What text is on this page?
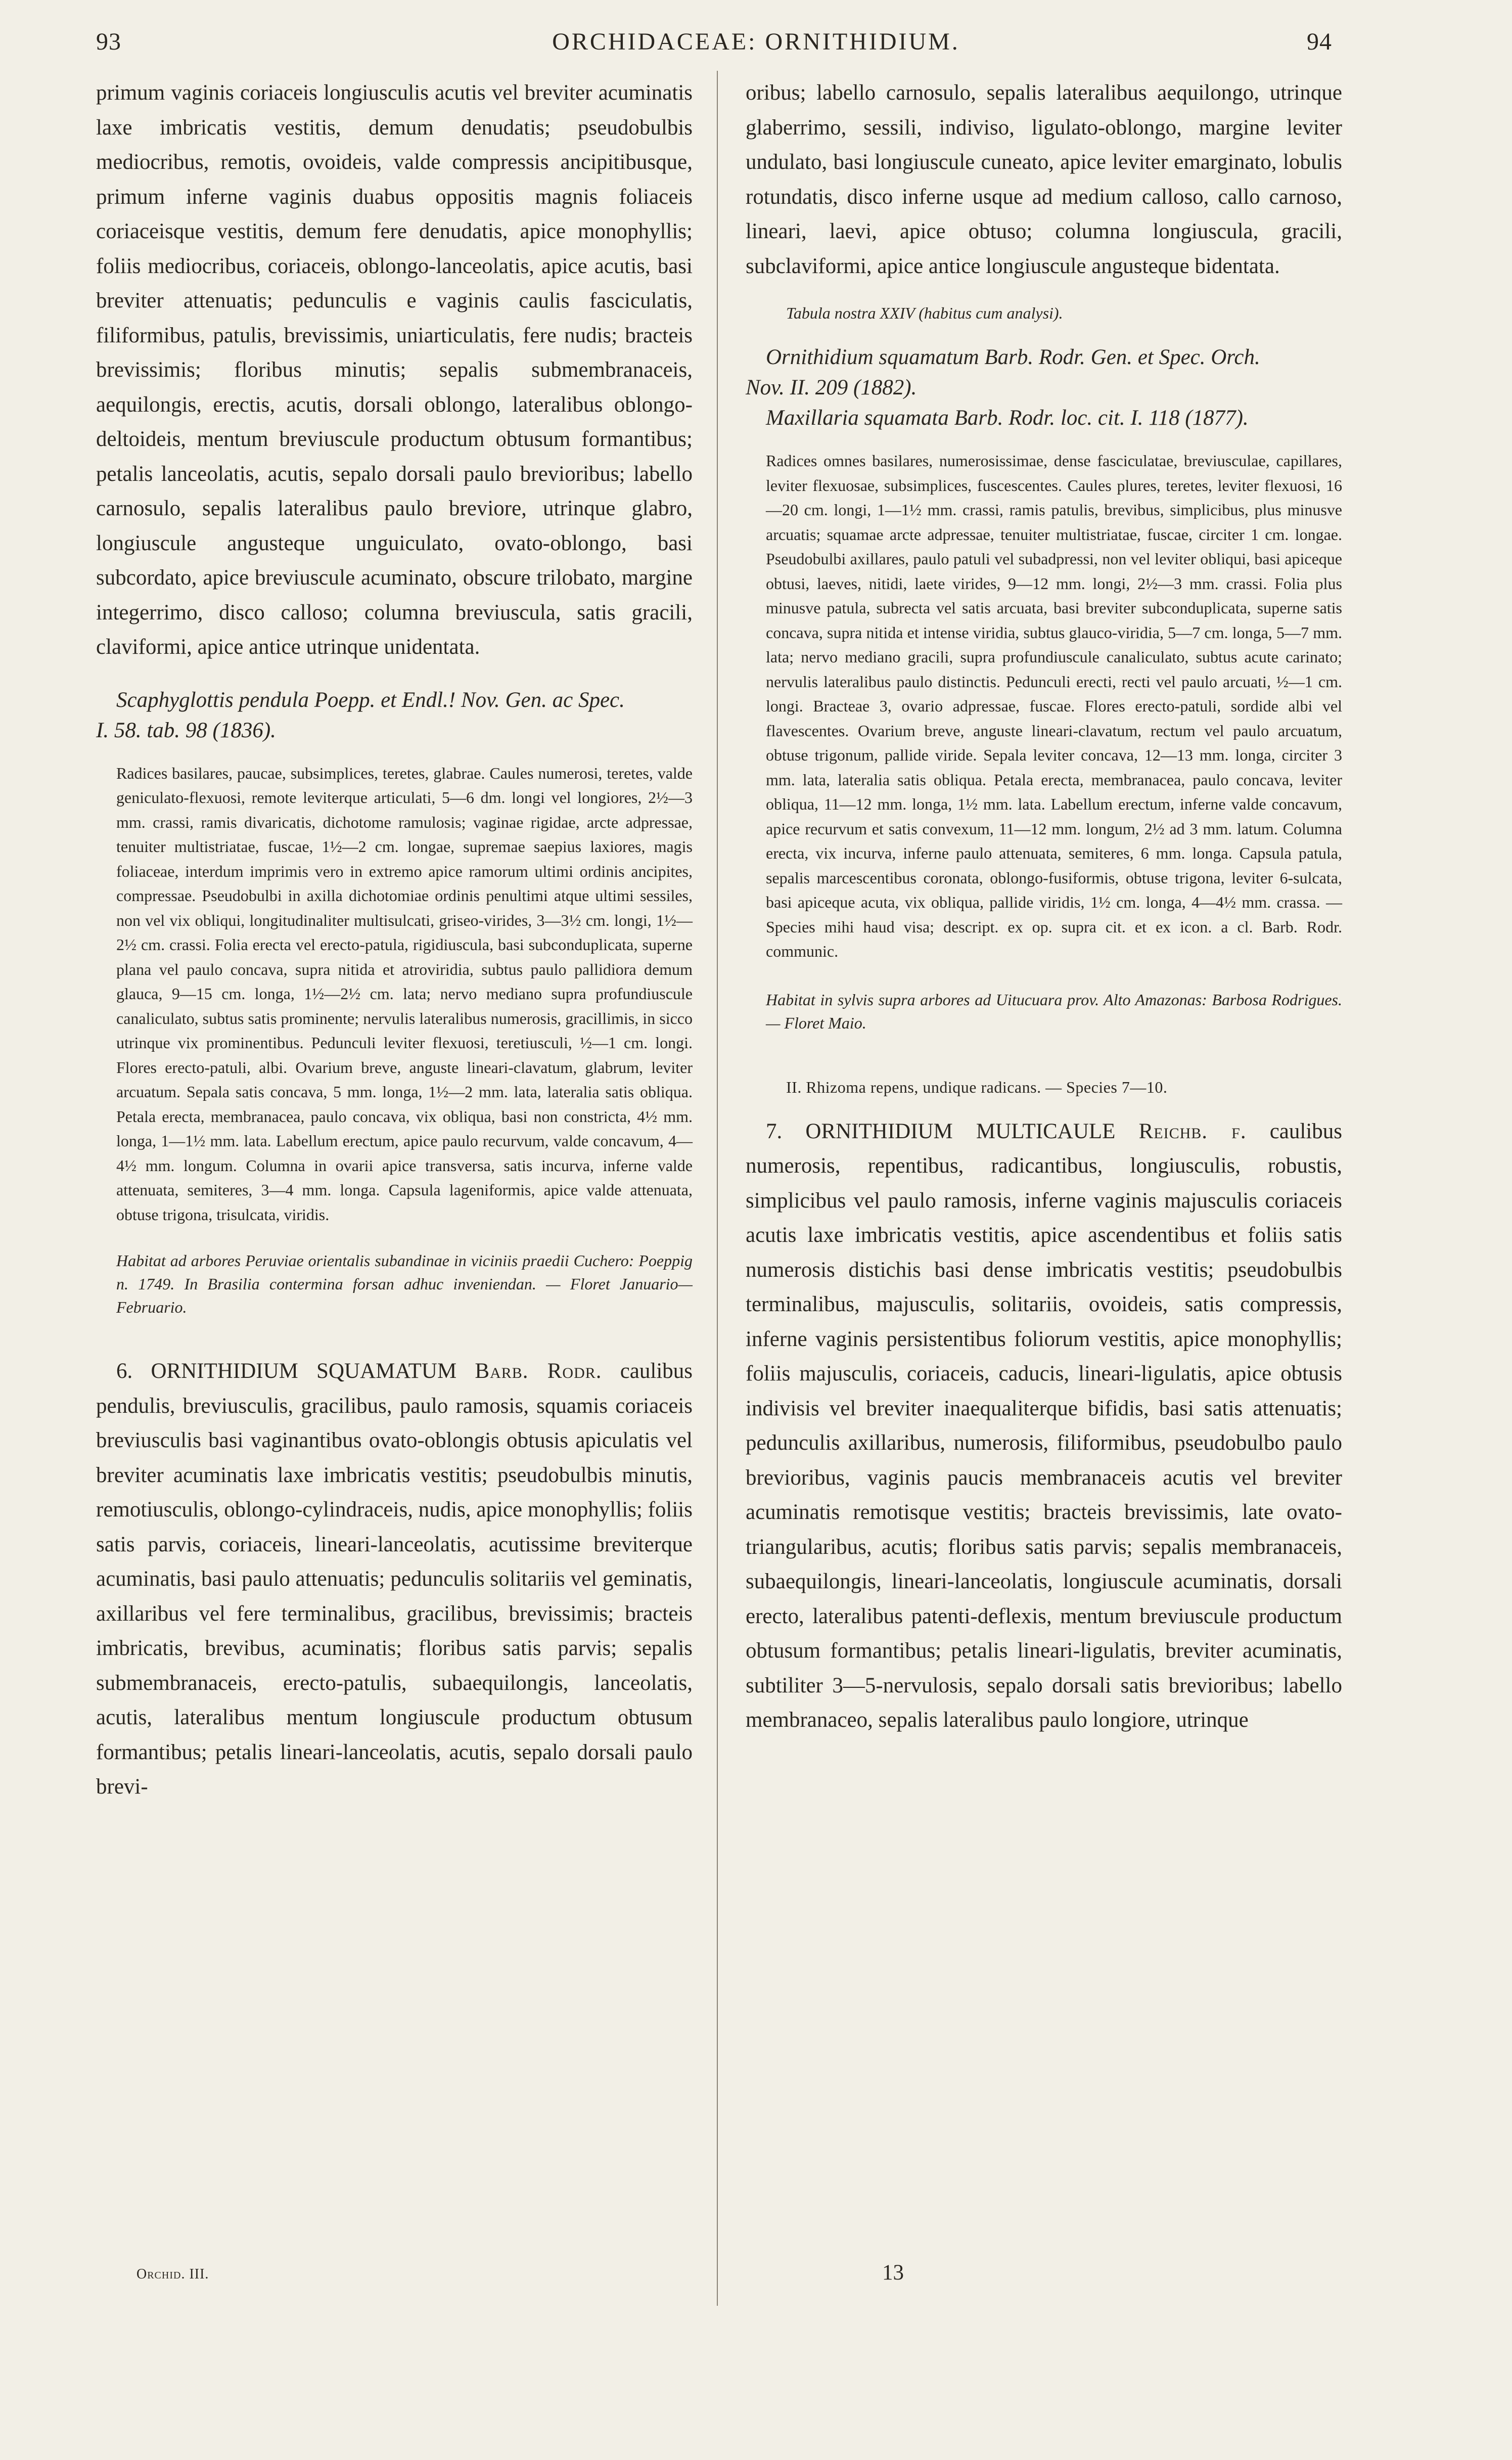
93	ORCHIDACEAE: ORNITHIDIUM.	94

primum vaginis coriaceis longiusculis acutis vel breviter acuminatis laxe imbricatis vestitis, demum denudatis; pseudobulbis mediocribus, remotis, ovoideis, valde compressis ancipitibusque, primum inferne vaginis duabus oppositis magnis foliaceis coriaceisque vestitis, demum fere denudatis, apice monophyllis; foliis mediocribus, coriaceis, oblongo-lanceolatis, apice acutis, basi breviter attenuatis; pedunculis e vaginis caulis fasciculatis, filiformibus, patulis, brevissimis, uniarticulatis, fere nudis; bracteis brevissimis; floribus minutis; sepalis submembranaceis, aequilongis, erectis, acutis, dorsali oblongo, lateralibus oblongo-deltoideis, mentum breviuscule productum obtusum formantibus; petalis lanceolatis, acutis, sepalo dorsali paulo brevioribus; labello carnosulo, sepalis lateralibus paulo breviore, utrinque glabro, longiuscule angusteque unguiculato, ovato-oblongo, basi subcordato, apice breviuscule acuminato, obscure trilobato, margine integerrimo, disco calloso; columna breviuscula, satis gracili, claviformi, apice antice utrinque unidentata.

Scaphyglottis pendula Poepp. et Endl.! Nov. Gen. ac Spec.

I. 58. tab. 98 (1836).

Radices basilares, paucae, subsimplices, teretes, glabrae. Caules numerosi, teretes, valde geniculato-flexuosi, remote leviterque articulati, 5—6 dm. longi vel longiores, 2½—3 mm. crassi, ramis divaricatis, dichotome ramulosis; vaginae rigidae, arcte adpressae, tenuiter multistriatae, fuscae, 1½—2 cm. longae, supremae saepius laxiores, magis foliaceae, interdum imprimis vero in extremo apice ramorum ultimi ordinis ancipites, compressae. Pseudobulbi in axilla dichotomiae ordinis penultimi atque ultimi sessiles, non vel vix obliqui, longitudinaliter multisulcati, griseo-virides, 3—3½ cm. longi, 1½—2½ cm. crassi. Folia erecta vel erecto-patula, rigidiuscula, basi subconduplicata, superne plana vel paulo concava, supra nitida et atroviridia, subtus paulo pallidiora demum glauca, 9—15 cm. longa, 1½—2½ cm. lata; nervo mediano supra profundiuscule canaliculato, subtus satis prominente; nervulis lateralibus numerosis, gracillimis, in sicco utrinque vix prominentibus. Pedunculi leviter flexuosi, teretiusculi, ½—1 cm. longi. Flores erecto-patuli, albi. Ovarium breve, anguste lineari-clavatum, glabrum, leviter arcuatum. Sepala satis concava, 5 mm. longa, 1½—2 mm. lata, lateralia satis obliqua. Petala erecta, membranacea, paulo concava, vix obliqua, basi non constricta, 4½ mm. longa, 1—1½ mm. lata. Labellum erectum, apice paulo recurvum, valde concavum, 4—4½ mm. longum. Columna in ovarii apice transversa, satis incurva, inferne valde attenuata, semiteres, 3—4 mm. longa. Capsula lageniformis, apice valde attenuata, obtuse trigona, trisulcata, viridis.

Habitat ad arbores Peruviae orientalis subandinae in viciniis praedii Cuchero: Poeppig n. 1749. In Brasilia contermina forsan adhuc inveniendan. — Floret Januario—Februario.

6. ORNITHIDIUM SQUAMATUM Barb. Rodr. caulibus pendulis, breviusculis, gracilibus, paulo ramosis, squamis coriaceis breviusculis basi vaginantibus ovato-oblongis obtusis apiculatis vel breviter acuminatis laxe imbricatis vestitis; pseudobulbis minutis, remotiusculis, oblongo-cylindraceis, nudis, apice monophyllis; foliis satis parvis, coriaceis, lineari-lanceolatis, acutissime breviterque acuminatis, basi paulo attenuatis; pedunculis solitariis vel geminatis, axillaribus vel fere terminalibus, gracilibus, brevissimis; bracteis imbricatis, brevibus, acuminatis; floribus satis parvis; sepalis submembranaceis, erecto-patulis, subaequilongis, lanceolatis, acutis, lateralibus mentum longiuscule productum obtusum formantibus; petalis lineari-lanceolatis, acutis, sepalo dorsali paulo brevi-

Orchid. III.

oribus; labello carnosulo, sepalis lateralibus aequilongo, utrinque glaberrimo, sessili, indiviso, ligulato-oblongo, margine leviter undulato, basi longiuscule cuneato, apice leviter emarginato, lobulis rotundatis, disco inferne usque ad medium calloso, callo carnoso, lineari, laevi, apice obtuso; columna longiuscula, gracili, subclaviformi, apice antice longiuscule angusteque bidentata.

Tabula nostra XXIV (habitus cum analysi).

Ornithidium squamatum Barb. Rodr. Gen. et Spec. Orch.

Nov. II. 209 (1882).

Maxillaria squamata Barb. Rodr. loc. cit. I. 118 (1877).

Radices omnes basilares, numerosissimae, dense fasciculatae, breviusculae, capillares, leviter flexuosae, subsimplices, fuscescentes. Caules plures, teretes, leviter flexuosi, 16—20 cm. longi, 1—1½ mm. crassi, ramis patulis, brevibus, simplicibus, plus minusve arcuatis; squamae arcte adpressae, tenuiter multistriatae, fuscae, circiter 1 cm. longae. Pseudobulbi axillares, paulo patuli vel subadpressi, non vel leviter obliqui, basi apiceque obtusi, laeves, nitidi, laete virides, 9—12 mm. longi, 2½—3 mm. crassi. Folia plus minusve patula, subrecta vel satis arcuata, basi breviter subconduplicata, superne satis concava, supra nitida et intense viridia, subtus glauco-viridia, 5—7 cm. longa, 5—7 mm. lata; nervo mediano gracili, supra profundiuscule canaliculato, subtus acute carinato; nervulis lateralibus paulo distinctis. Pedunculi erecti, recti vel paulo arcuati, ½—1 cm. longi. Bracteae 3, ovario adpressae, fuscae. Flores erecto-patuli, sordide albi vel flavescentes. Ovarium breve, anguste lineari-clavatum, rectum vel paulo arcuatum, obtuse trigonum, pallide viride. Sepala leviter concava, 12—13 mm. longa, circiter 3 mm. lata, lateralia satis obliqua. Petala erecta, membranacea, paulo concava, leviter obliqua, 11—12 mm. longa, 1½ mm. lata. Labellum erectum, inferne valde concavum, apice recurvum et satis convexum, 11—12 mm. longum, 2½ ad 3 mm. latum. Columna erecta, vix incurva, inferne paulo attenuata, semiteres, 6 mm. longa. Capsula patula, sepalis marcescentibus coronata, oblongo-fusiformis, obtuse trigona, leviter 6-sulcata, basi apiceque acuta, vix obliqua, pallide viridis, 1½ cm. longa, 4—4½ mm. crassa. — Species mihi haud visa; descript. ex op. supra cit. et ex icon. a cl. Barb. Rodr. communic.

Habitat in sylvis supra arbores ad Uitucuara prov. Alto Amazonas: Barbosa Rodrigues. — Floret Maio.

II. Rhizoma repens, undique radicans. — Species 7—10.

7. ORNITHIDIUM MULTICAULE Reichb. f. caulibus numerosis, repentibus, radicantibus, longiusculis, robustis, simplicibus vel paulo ramosis, inferne vaginis majusculis coriaceis acutis laxe imbricatis vestitis, apice ascendentibus et foliis satis numerosis distichis basi dense imbricatis vestitis; pseudobulbis terminalibus, majusculis, solitariis, ovoideis, satis compressis, inferne vaginis persistentibus foliorum vestitis, apice monophyllis; foliis majusculis, coriaceis, caducis, lineari-ligulatis, apice obtusis indivisis vel breviter inaequaliterque bifidis, basi satis attenuatis; pedunculis axillaribus, numerosis, filiformibus, pseudobulbo paulo brevioribus, vaginis paucis membranaceis acutis vel breviter acuminatis remotisque vestitis; bracteis brevissimis, late ovato-triangularibus, acutis; floribus satis parvis; sepalis membranaceis, subaequilongis, lineari-lanceolatis, longiuscule acuminatis, dorsali erecto, lateralibus patenti-deflexis, mentum breviuscule productum obtusum formantibus; petalis lineari-ligulatis, breviter acuminatis, subtiliter 3—5-nervulosis, sepalo dorsali satis brevioribus; labello membranaceo, sepalis lateralibus paulo longiore, utrinque

13
